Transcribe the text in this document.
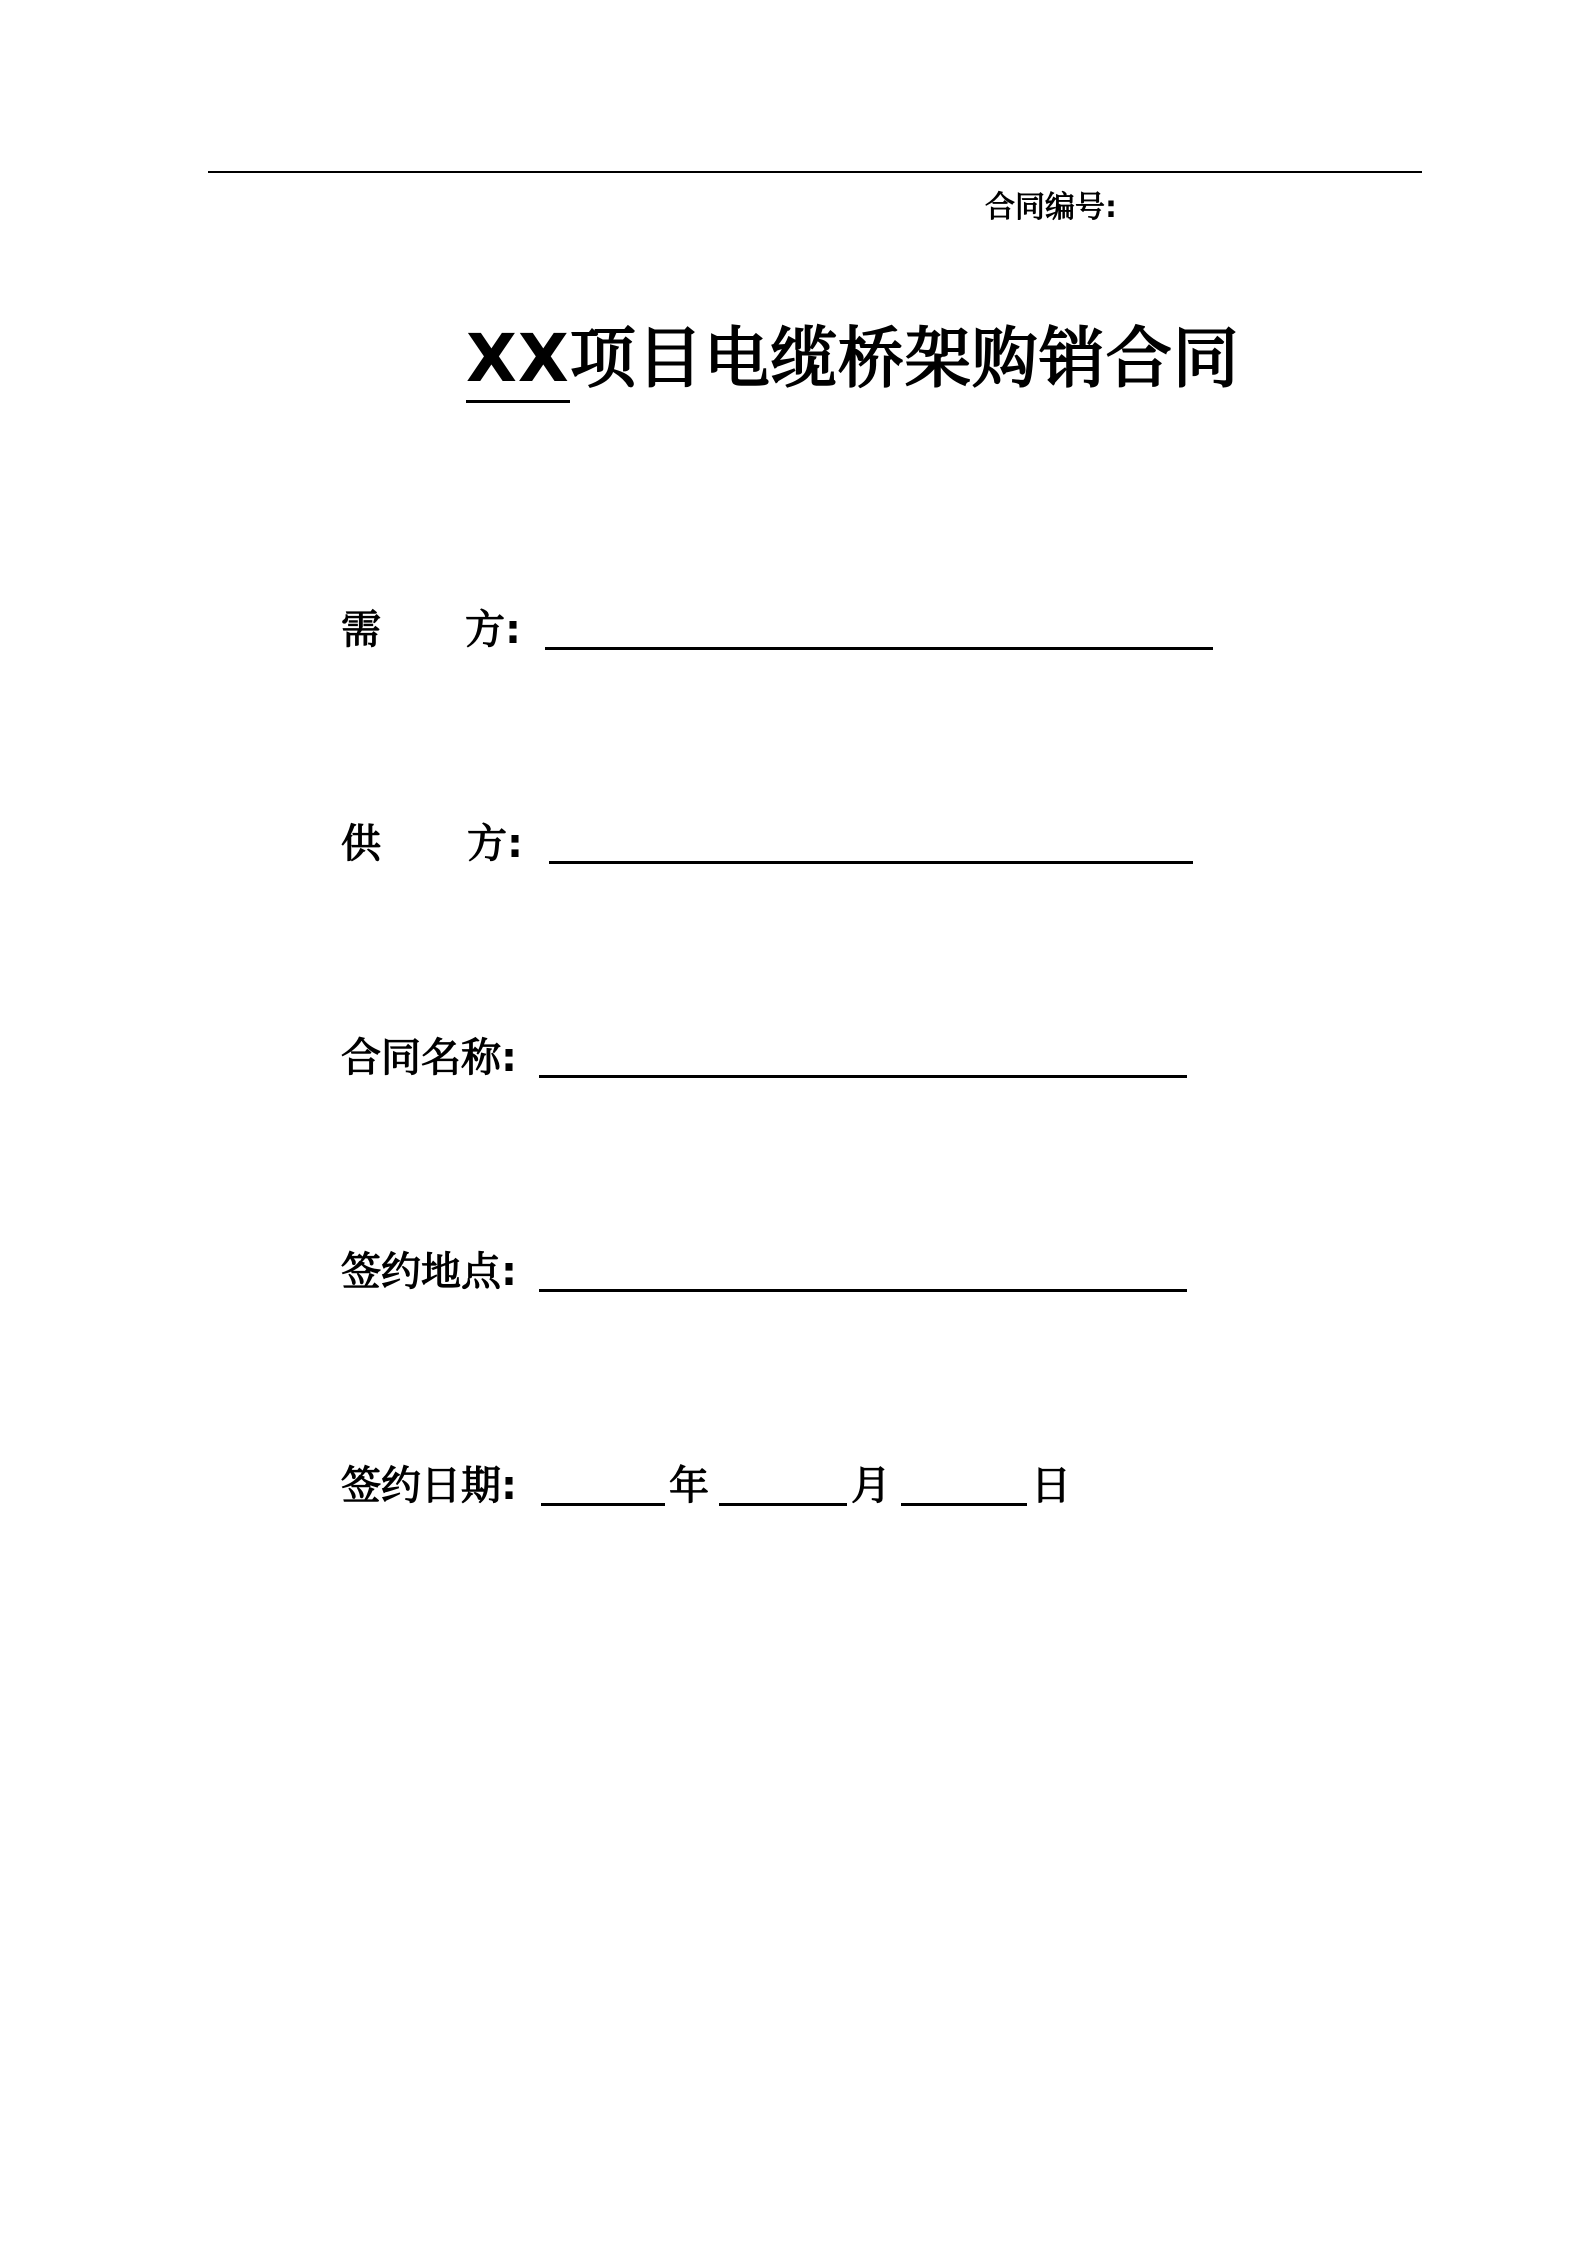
合同编号:
XX项目电缆桥架购销合同
需 方:
供 方:
合同名称:
签约地点:
签约日期:	年	月	日
